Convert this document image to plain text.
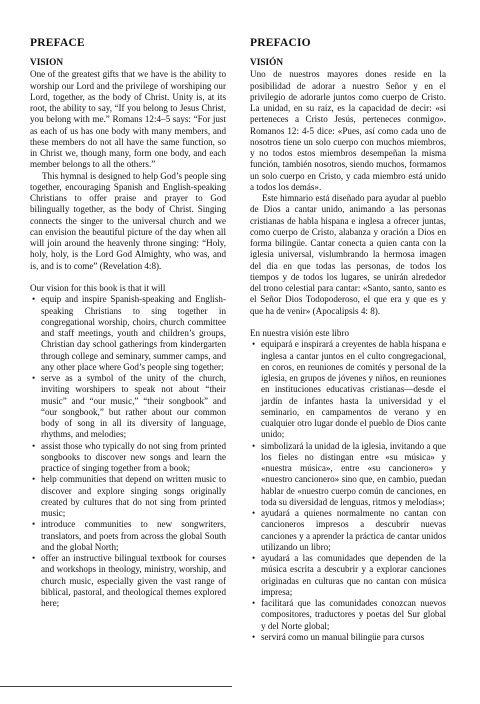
PREFACE
VISION

One of the greatest gifts that we have is the ability to worship our Lord and the privilege of worshiping our Lord, together, as the body of Christ. Unity is, at its root, the ability to say, “If you belong to Jesus Christ, you belong with me.” Romans 12:4–5 says: “For just as each of us has one body with many members, and these members do not all have the same function, so in Christ we, though many, form one body, and each member belongs to all the others.”

This hymnal is designed to help God’s people sing together, encouraging Spanish and English-speaking Christians to offer praise and prayer to God bilingually together, as the body of Christ. Singing connects the singer to the universal church and we can envision the beautiful picture of the day when all will join around the heavenly throne singing: “Holy, holy, holy, is the Lord God Almighty, who was, and is, and is to come” (Revelation 4:8).

Our vision for this book is that it will

• equip and inspire Spanish-speaking and English-speaking Christians to sing together in congregational worship, choirs, church committee and staff meetings, youth and children’s groups, Christian day school gatherings from kindergarten through college and seminary, summer camps, and any other place where God’s people sing together;
• serve as a symbol of the unity of the church, inviting worshipers to speak not about “their music” and “our music,” “their songbook” and “our songbook,” but rather about our common body of song in all its diversity of language, rhythms, and melodies;
• assist those who typically do not sing from printed songbooks to discover new songs and learn the practice of singing together from a book;
• help communities that depend on written music to discover and explore singing songs originally created by cultures that do not sing from printed music;
• introduce communities to new songwriters, translators, and poets from across the global South and the global North;
• offer an instructive bilingual textbook for courses and workshops in theology, ministry, worship, and church music, especially given the vast range of biblical, pastoral, and theological themes explored here;
PREFACIO
VISIÓN

Uno de nuestros mayores dones reside en la posibilidad de adorar a nuestro Señor y en el privilegio de adorarle juntos como cuerpo de Cristo. La unidad, en su raíz, es la capacidad de decir: «si perteneces a Cristo Jesús, perteneces conmigo». Romanos 12: 4-5 dice: «Pues, así como cada uno de nosotros tiene un solo cuerpo con muchos miembros, y no todos estos miembros desempeñan la misma función, también nosotros, siendo muchos, formamos un solo cuerpo en Cristo, y cada miembro está unido a todos los demás».

Este himnario está diseñado para ayudar al pueblo de Dios a cantar unido, animando a las personas cristianas de habla hispana e inglesa a ofrecer juntas, como cuerpo de Cristo, alabanza y oración a Dios en forma bilingüe. Cantar conecta a quien canta con la iglesia universal, vislumbrando la hermosa imagen del día en que todas las personas, de todos los tiempos y de todos los lugares, se unirán alrededor del trono celestial para cantar: «Santo, santo, santo es el Señor Dios Todopoderoso, el que era y que es y que ha de venir» (Apocalipsis 4: 8).

En nuestra visión este libro

• equipará e inspirará a creyentes de habla hispana e inglesa a cantar juntos en el culto congregacional, en coros, en reuniones de comités y personal de la iglesia, en grupos de jóvenes y niños, en reuniones en instituciones educativas cristianas—desde el jardín de infantes hasta la universidad y el seminario, en campamentos de verano y en cualquier otro lugar donde el pueblo de Dios cante unido;
• simbolizará la unidad de la iglesia, invitando a que los fieles no distingan entre «su música» y «nuestra música», entre «su cancionero» y «nuestro cancionero» sino que, en cambio, puedan hablar de «nuestro cuerpo común de canciones, en toda su diversidad de lenguas, ritmos y melodías»;
• ayudará a quienes normalmente no cantan con cancioneros impresos a descubrir nuevas canciones y a aprender la práctica de cantar unidos utilizando un libro;
• ayudará a las comunidades que dependen de la música escrita a descubrir y a explorar canciones originadas en culturas que no cantan con música impresa;
• facilitará que las comunidades conozcan nuevos compositores, traductores y poetas del Sur global y del Norte global;
• servirá como un manual bilingüe para cursos
